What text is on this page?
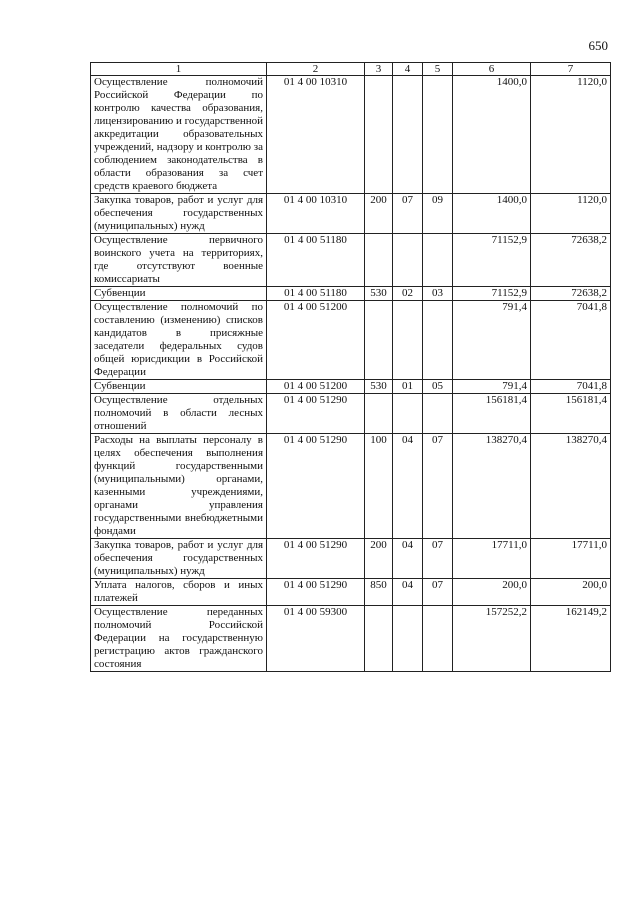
650
1	2	3	4	5	6	7
Осуществление полномочий Российской Федерации по контролю качества образования, лицензированию и государственной аккредитации образовательных учреждений, надзору и контролю за соблюдением законодательства в области образования за счет средств краевого бюджета	01 4 00 10310				1400,0	1120,0
Закупка товаров, работ и услуг для обеспечения государственных (муниципальных) нужд	01 4 00 10310	200	07	09	1400,0	1120,0
Осуществление первичного воинского учета на территориях, где отсутствуют военные комиссариаты	01 4 00 51180				71152,9	72638,2
Субвенции	01 4 00 51180	530	02	03	71152,9	72638,2
Осуществление полномочий по составлению (изменению) списков кандидатов в присяжные заседатели федеральных судов общей юрисдикции в Российской Федерации	01 4 00 51200				791,4	7041,8
Субвенции	01 4 00 51200	530	01	05	791,4	7041,8
Осуществление отдельных полномочий в области лесных отношений	01 4 00 51290				156181,4	156181,4
Расходы на выплаты персоналу в целях обеспечения выполнения функций государственными (муниципальными) органами, казенными учреждениями, органами управления государственными внебюджетными фондами	01 4 00 51290	100	04	07	138270,4	138270,4
Закупка товаров, работ и услуг для обеспечения государственных (муниципальных) нужд	01 4 00 51290	200	04	07	17711,0	17711,0
Уплата налогов, сборов и иных платежей	01 4 00 51290	850	04	07	200,0	200,0
Осуществление переданных полномочий Российской Федерации на государственную регистрацию актов гражданского состояния	01 4 00 59300				157252,2	162149,2
